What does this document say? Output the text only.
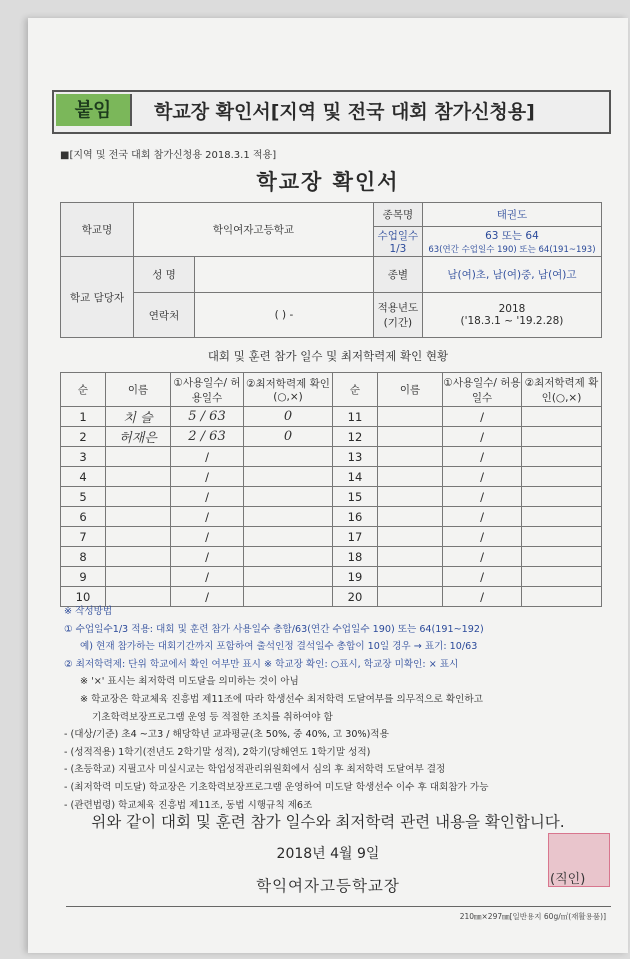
붙임	학교장 확인서[지역 및 전국 대회 참가신청용]
■[지역 및 전국 대회 참가신청용 2018.3.1 적용]
학교장 확인서
학교명	학익여자고등학교		종목명	태권도
			수업일수 1/3	63 또는 64
63(연간 수업일수 190) 또는 64(191~193)

학교 담당자	성 명		종별	남(여)초, 남(여)중, 남(여)고
	연락처	( ) -	적용년도 (기간)	2018
('18.3.1 ~ '19.2.28)
대회 및 훈련 참가 일수 및 최저학력제 확인 현황
순	이름	①사용일수/ 허용일수	②최저학력제 확인(○,×)	순	이름	①사용일수/ 허용일수	②최저학력제 확인(○,×)
1	치 슬	5 / 63	0	11		/	
2	허재은	2 / 63	0	12		/	
3		/		13		/	
4		/		14		/	
5		/		15		/	
6		/		16		/	
7		/		17		/	
8		/		18		/	
9		/		19		/	
10		/		20		/	
※ 작성방법
① 수업일수1/3 적용: 대회 및 훈련 참가 사용일수 총합/63(연간 수업일수 190) 또는 64(191~192)
예) 현재 참가하는 대회기간까지 포함하여 출석인정 결석일수 총합이 10일 경우 → 표기: 10/63
② 최저학력제: 단위 학교에서 확인 여부만 표시 ※ 학교장 확인: ○표시, 학교장 미확인: × 표시
※ '×' 표시는 최저학력 미도달을 의미하는 것이 아님
※ 학교장은 학교체육 진흥법 제11조에 따라 학생선수 최저학력 도달여부를 의무적으로 확인하고
기초학력보장프로그램 운영 등 적절한 조치를 취하여야 함
- (대상/기준) 초4 ~고3 / 해당학년 교과평균(초 50%, 중 40%, 고 30%)적용
- (성적적용) 1학기(전년도 2학기말 성적), 2학기(당해연도 1학기말 성적)
- (초등학교) 지필고사 미실시교는 학업성적관리위원회에서 심의 후 최저학력 도달여부 결정
- (최저학력 미도달) 학교장은 기초학력보장프로그램 운영하여 미도달 학생선수 이수 후 대회참가 가능
- (관련법령) 학교체육 진흥법 제11조, 동법 시행규칙 제6조
위와 같이 대회 및 훈련 참가 일수와 최저학력 관련 내용을 확인합니다.
2018년 4월 9일
학익여자고등학교장	(직인)
210㎜×297㎜[일반용지 60g/㎡(재활용품)]
